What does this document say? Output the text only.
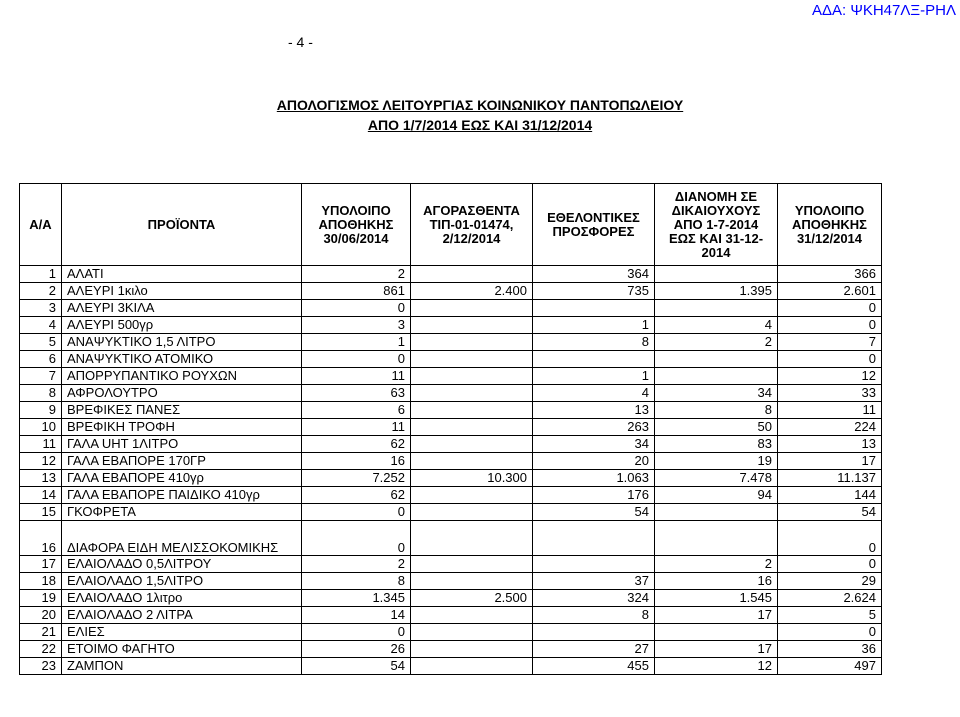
ΑΔΑ: ΨΚΗ47ΛΞ-ΡΗΛ

- 4 -

ΑΠΟΛΟΓΙΣΜΟΣ ΛΕΙΤΟΥΡΓΙΑΣ ΚΟΙΝΩΝΙΚΟΥ ΠΑΝΤΟΠΩΛΕΙΟΥ
ΑΠΟ 1/7/2014 ΕΩΣ ΚΑΙ 31/12/2014
Α/Α	ΠΡΟΪΟΝΤΑ	ΥΠΟΛΟΙΠΟ ΑΠΟΘΗΚΗΣ 30/06/2014	ΑΓΟΡΑΣΘΕΝΤΑ ΤΙΠ-01-01474, 2/12/2014	ΕΘΕΛΟΝΤΙΚΕΣ ΠΡΟΣΦΟΡΕΣ	ΔΙΑΝΟΜΗ ΣΕ ΔΙΚΑΙΟΥΧΟΥΣ ΑΠΟ 1-7-2014 ΕΩΣ ΚΑΙ 31-12-2014	ΥΠΟΛΟΙΠΟ ΑΠΟΘΗΚΗΣ 31/12/2014
1	ΑΛΑΤΙ	2		364		366
2	ΑΛΕΥΡΙ 1κιλο	861	2.400	735	1.395	2.601
3	ΑΛΕΥΡΙ 3ΚΙΛΑ	0				0
4	ΑΛΕΥΡΙ 500γρ	3		1	4	0
5	ΑΝΑΨΥΚΤΙΚΟ 1,5 ΛΙΤΡΟ	1		8	2	7
6	ΑΝΑΨΥΚΤΙΚΟ ΑΤΟΜΙΚΟ	0				0
7	ΑΠΟΡΡΥΠΑΝΤΙΚΟ ΡΟΥΧΩΝ	11		1		12
8	ΑΦΡΟΛΟΥΤΡΟ	63		4	34	33
9	ΒΡΕΦΙΚΕΣ ΠΑΝΕΣ	6		13	8	11
10	ΒΡΕΦΙΚΗ ΤΡΟΦΗ	11		263	50	224
11	ΓΑΛΑ UHT 1ΛΙΤΡΟ	62		34	83	13
12	ΓΑΛΑ ΕΒΑΠΟΡΕ 170ΓΡ	16		20	19	17
13	ΓΑΛΑ ΕΒΑΠΟΡΕ 410γρ	7.252	10.300	1.063	7.478	11.137
14	ΓΑΛΑ ΕΒΑΠΟΡΕ ΠΑΙΔΙΚΟ 410γρ	62		176	94	144
15	ΓΚΟΦΡΕΤΑ	0		54		54
16	ΔΙΑΦΟΡΑ ΕΙΔΗ ΜΕΛΙΣΣΟΚΟΜΙΚΗΣ	0				0
17	ΕΛΑΙΟΛΑΔΟ 0,5ΛΙΤΡΟΥ	2			2	0
18	ΕΛΑΙΟΛΑΔΟ 1,5ΛΙΤΡΟ	8		37	16	29
19	ΕΛΑΙΟΛΑΔΟ 1λιτρο	1.345	2.500	324	1.545	2.624
20	ΕΛΑΙΟΛΑΔΟ 2 ΛΙΤΡΑ	14		8	17	5
21	ΕΛΙΕΣ	0				0
22	ΕΤΟΙΜΟ ΦΑΓΗΤΟ	26		27	17	36
23	ΖΑΜΠΟΝ	54		455	12	497
